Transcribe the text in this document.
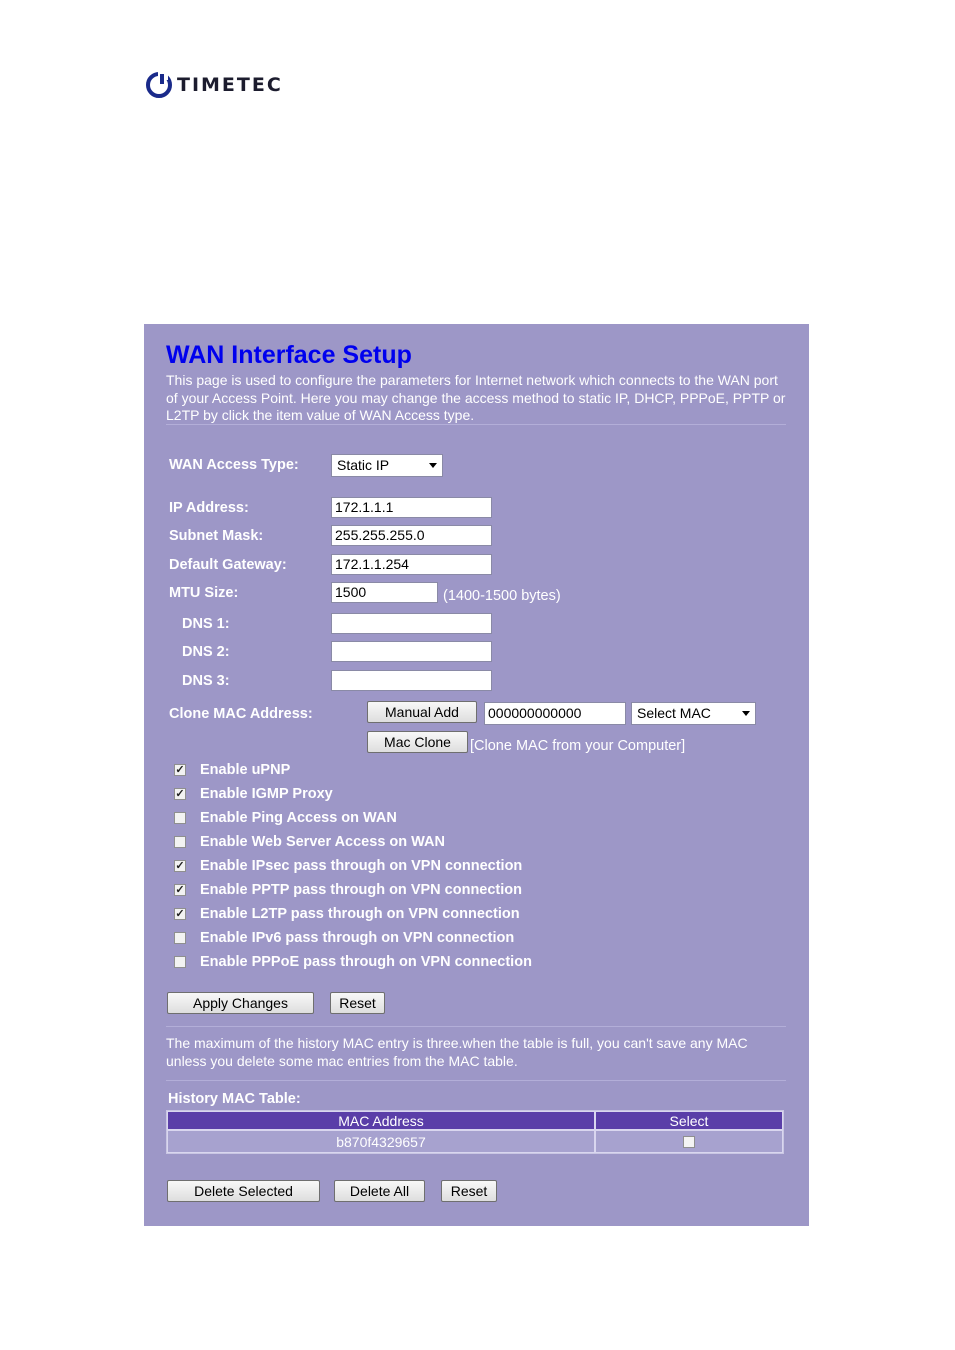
TIMETEC
WAN Interface Setup
This page is used to configure the parameters for Internet network which connects to the WAN port of your Access Point. Here you may change the access method to static IP, DHCP, PPPoE, PPTP or L2TP by click the item value of WAN Access type.
WAN Access Type:	Static IP
IP Address:	172.1.1.1
Subnet Mask:	255.255.255.0
Default Gateway:	172.1.1.254
MTU Size:	1500	(1400-1500 bytes)
DNS 1:
DNS 2:
DNS 3:
Clone MAC Address:	Manual Add	000000000000	Select MAC
Mac Clone	[Clone MAC from your Computer]
✓ Enable uPNP
✓ Enable IGMP Proxy
Enable Ping Access on WAN
Enable Web Server Access on WAN
✓ Enable IPsec pass through on VPN connection
✓ Enable PPTP pass through on VPN connection
✓ Enable L2TP pass through on VPN connection
Enable IPv6 pass through on VPN connection
Enable PPPoE pass through on VPN connection
Apply Changes	Reset
The maximum of the history MAC entry is three.when the table is full, you can't save any MAC unless you delete some mac entries from the MAC table.
History MAC Table:
MAC Address	Select
b870f4329657
Delete Selected	Delete All	Reset
